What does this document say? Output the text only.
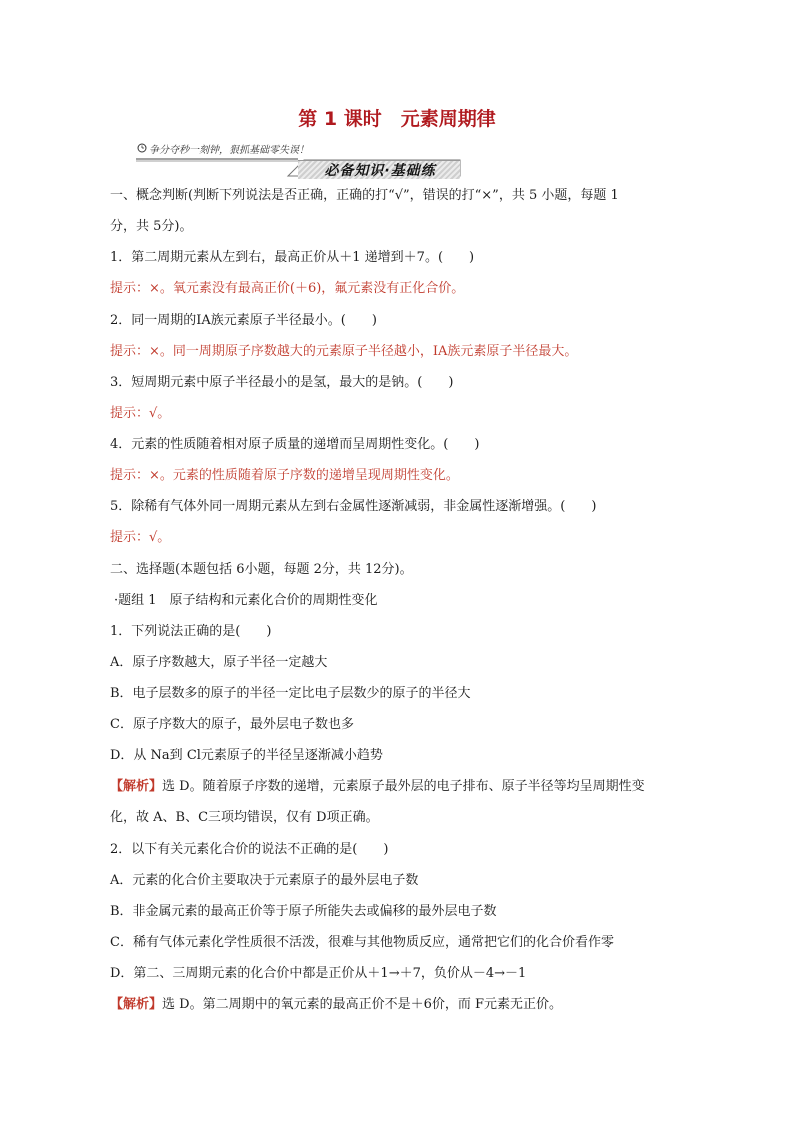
第 1 课时　元素周期律
争分夺秒一刻钟，狠抓基础零失误！
必备知识·基础练
一、概念判断(判断下列说法是否正确，正确的打“√”，错误的打“×”，共 5 小题，每题 1
分，共 5分)。
1．第二周期元素从左到右，最高正价从＋1 递增到＋7。(　　)
提示：×。氧元素没有最高正价(＋6)，氟元素没有正化合价。
2．同一周期的ⅠA族元素原子半径最小。(　　)
提示：×。同一周期原子序数越大的元素原子半径越小，ⅠA族元素原子半径最大。
3．短周期元素中原子半径最小的是氢，最大的是钠。(　　)
提示：√。
4．元素的性质随着相对原子质量的递增而呈周期性变化。(　　)
提示：×。元素的性质随着原子序数的递增呈现周期性变化。
5．除稀有气体外同一周期元素从左到右金属性逐渐减弱，非金属性逐渐增强。(　　)
提示：√。
二、选择题(本题包括 6小题，每题 2分，共 12分)。
·题组 1　原子结构和元素化合价的周期性变化
1．下列说法正确的是(　　)
A．原子序数越大，原子半径一定越大
B．电子层数多的原子的半径一定比电子层数少的原子的半径大
C．原子序数大的原子，最外层电子数也多
D．从 Na到 Cl元素原子的半径呈逐渐减小趋势
【解析】选 D。随着原子序数的递增，元素原子最外层的电子排布、原子半径等均呈周期性变
化，故 A、B、C三项均错误，仅有 D项正确。
2．以下有关元素化合价的说法不正确的是(　　)
A．元素的化合价主要取决于元素原子的最外层电子数
B．非金属元素的最高正价等于原子所能失去或偏移的最外层电子数
C．稀有气体元素化学性质很不活泼，很难与其他物质反应，通常把它们的化合价看作零
D．第二、三周期元素的化合价中都是正价从＋1→＋7，负价从－4→－1
【解析】选 D。第二周期中的氧元素的最高正价不是＋6价，而 F元素无正价。
